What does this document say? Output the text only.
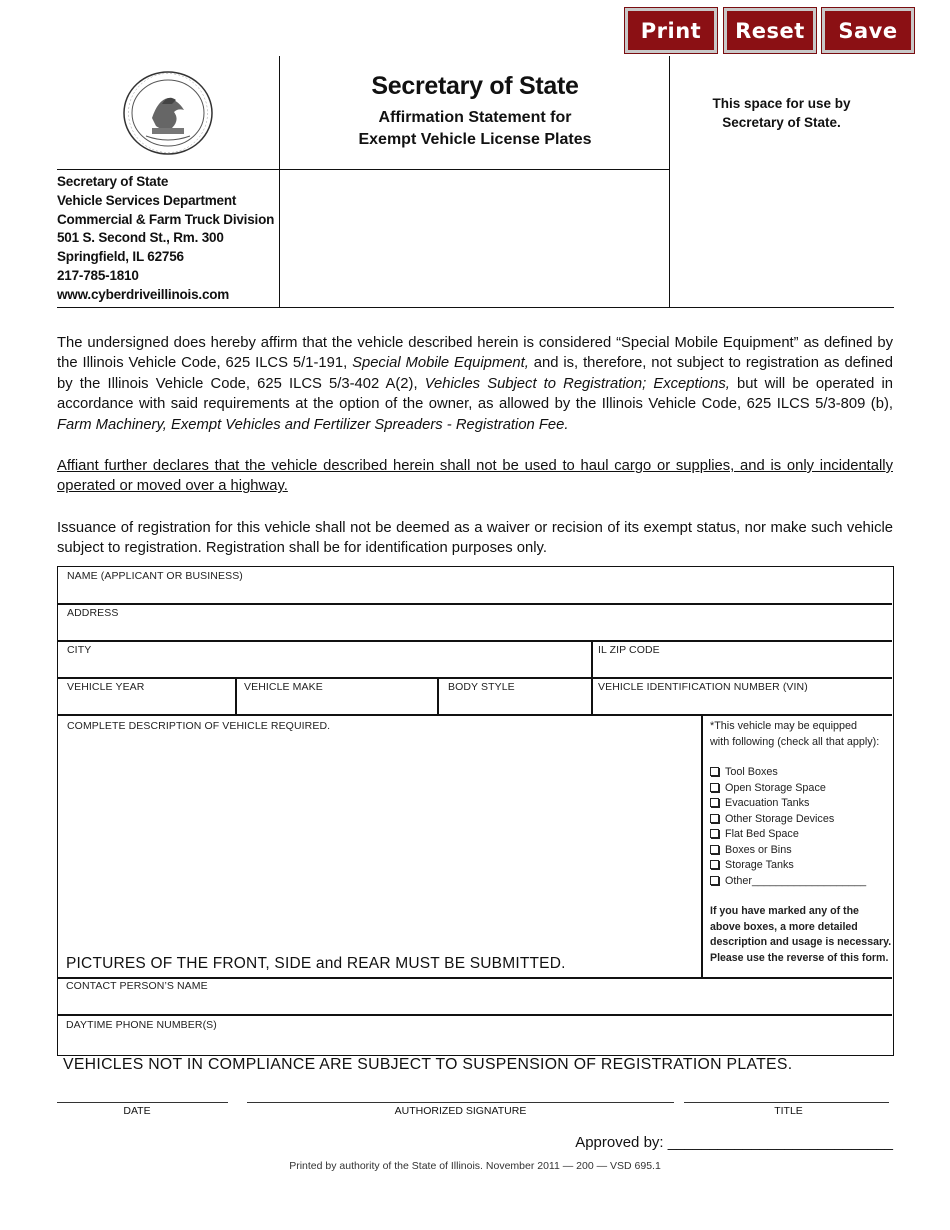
Print	Reset	Save
Secretary of State
Affirmation Statement for
Exempt Vehicle License Plates
This space for use by
Secretary of State.
Secretary of State
Vehicle Services Department
Commercial & Farm Truck Division
501 S. Second St., Rm. 300
Springfield, IL 62756
217-785-1810
www.cyberdriveillinois.com
The undersigned does hereby affirm that the vehicle described herein is considered “Special Mobile Equipment” as defined by the Illinois Vehicle Code, 625 ILCS 5/1-191, Special Mobile Equipment, and is, therefore, not subject to registration as defined by the Illinois Vehicle Code, 625 ILCS 5/3-402 A(2), Vehicles Subject to Registration; Exceptions, but will be operated in accordance with said requirements at the option of the owner, as allowed by the Illinois Vehicle Code, 625 ILCS 5/3-809 (b), Farm Machinery, Exempt Vehicles and Fertilizer Spreaders - Registration Fee.
Affiant further declares that the vehicle described herein shall not be used to haul cargo or supplies, and is only incidentally operated or moved over a highway.
Issuance of registration for this vehicle shall not be deemed as a waiver or recision of its exempt status, nor make such vehicle subject to registration. Registration shall be for identification purposes only.
NAME (APPLICANT OR BUSINESS)
ADDRESS
CITY	IL ZIP CODE
VEHICLE YEAR	VEHICLE MAKE	BODY STYLE	VEHICLE IDENTIFICATION NUMBER (VIN)
COMPLETE DESCRIPTION OF VEHICLE REQUIRED.
PICTURES OF THE FRONT, SIDE and REAR MUST BE SUBMITTED.
*This vehicle may be equipped
with following (check all that apply):
Tool Boxes
Open Storage Space
Evacuation Tanks
Other Storage Devices
Flat Bed Space
Boxes or Bins
Storage Tanks
Other___________________
If you have marked any of the above boxes, a more detailed description and usage is necessary. Please use the reverse of this form.
CONTACT PERSON’S NAME
DAYTIME PHONE NUMBER(S)
VEHICLES NOT IN COMPLIANCE ARE SUBJECT TO SUSPENSION OF REGISTRATION PLATES.
DATE	AUTHORIZED SIGNATURE	TITLE
Approved by: ___________________________
Printed by authority of the State of Illinois. November 2011 — 200 — VSD 695.1
